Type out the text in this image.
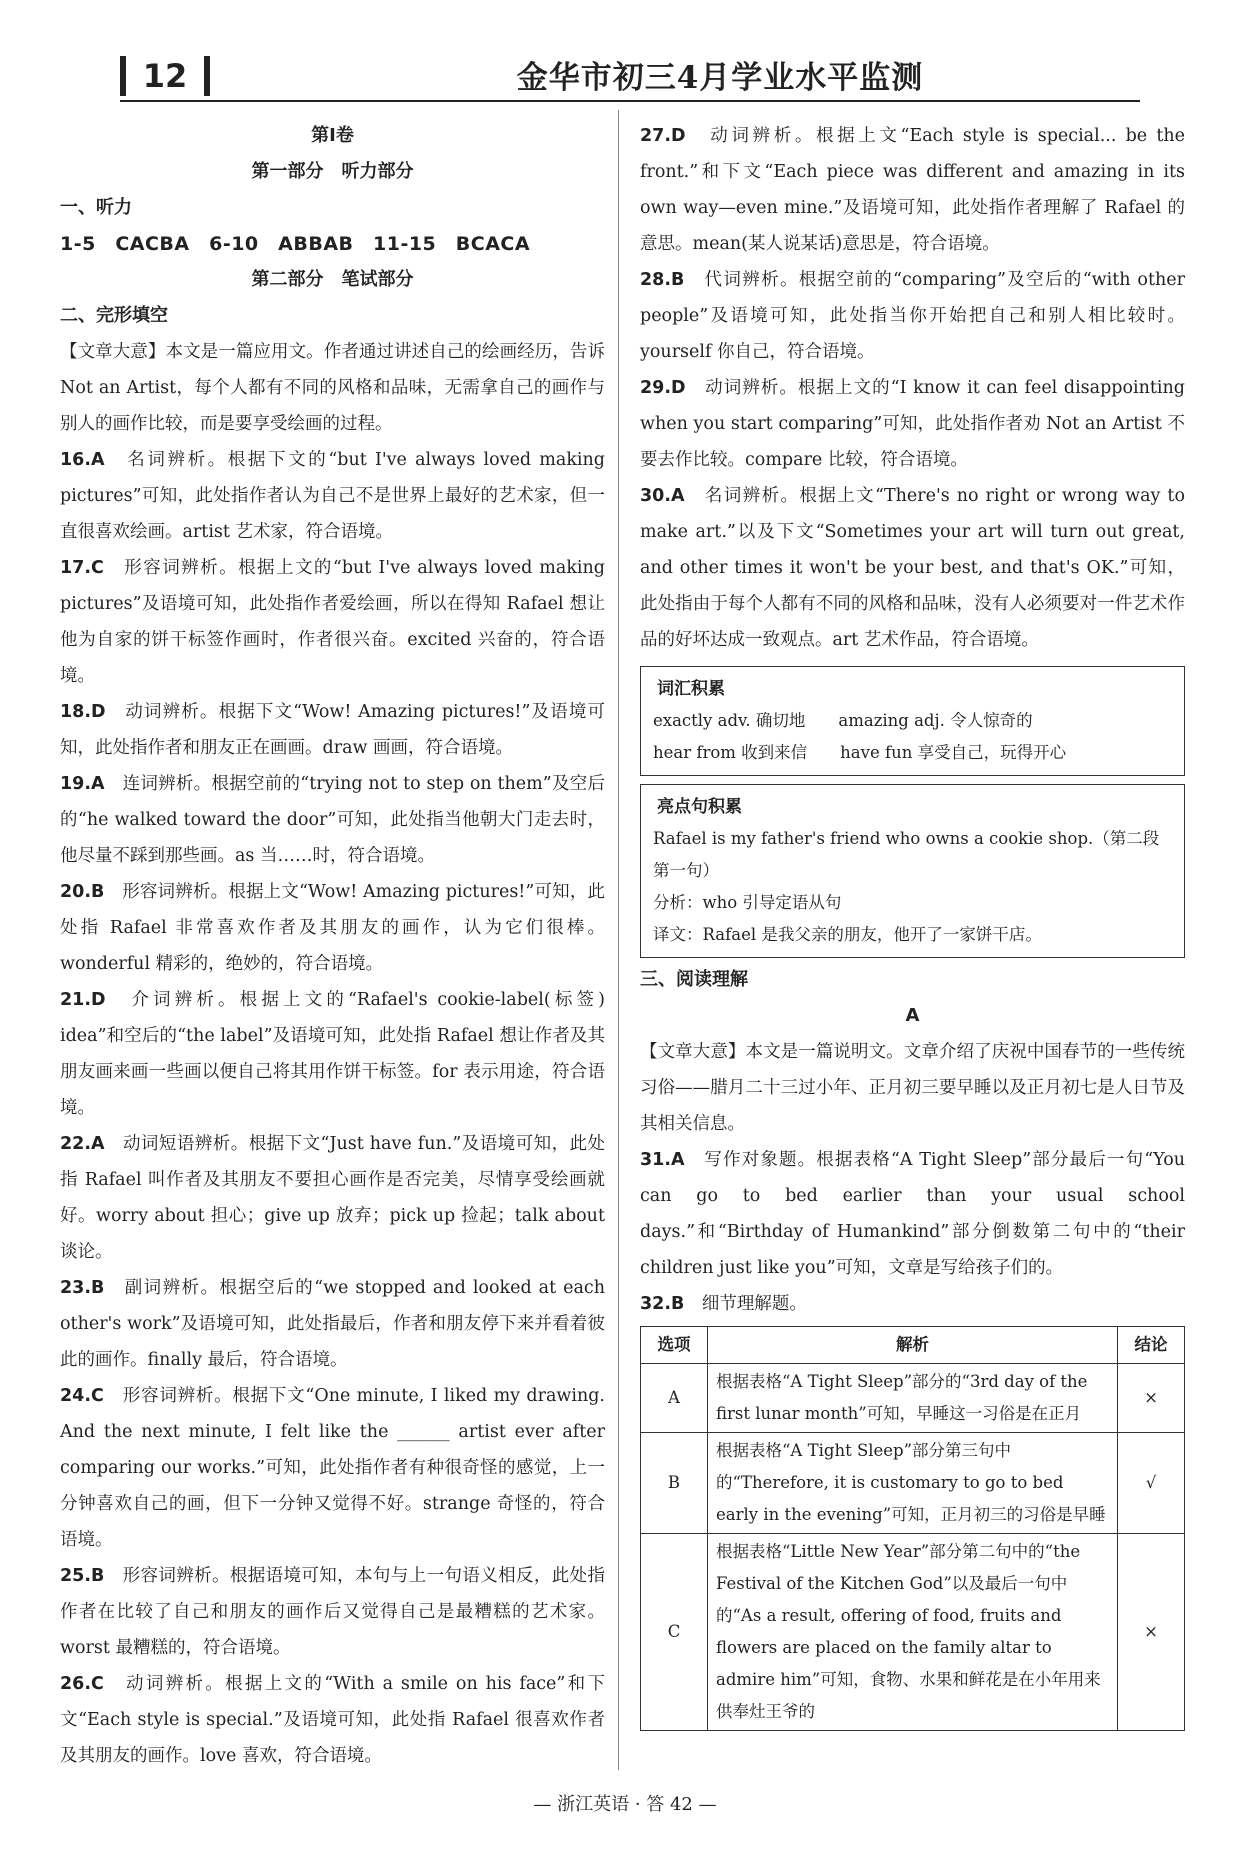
12	金华市初三4月学业水平监测
第Ⅰ卷
第一部分　听力部分
一、听力
1-5　CACBA　6-10　ABBAB　11-15　BCACA
第二部分　笔试部分
二、完形填空
【文章大意】本文是一篇应用文。作者通过讲述自己的绘画经历，告诉 Not an Artist，每个人都有不同的风格和品味，无需拿自己的画作与别人的画作比较，而是要享受绘画的过程。
16.A　 名词辨析。根据下文的“but I've always loved making pictures”可知，此处指作者认为自己不是世界上最好的艺术家，但一直很喜欢绘画。artist 艺术家，符合语境。
17.C　 形容词辨析。根据上文的“but I've always loved making pictures”及语境可知，此处指作者爱绘画，所以在得知 Rafael 想让他为自家的饼干标签作画时，作者很兴奋。excited 兴奋的，符合语境。
18.D　 动词辨析。根据下文“Wow! Amazing pictures!”及语境可知，此处指作者和朋友正在画画。draw 画画，符合语境。
19.A　 连词辨析。根据空前的“trying not to step on them”及空后的“he walked toward the door”可知，此处指当他朝大门走去时，他尽量不踩到那些画。as 当……时，符合语境。
20.B　 形容词辨析。根据上文“Wow! Amazing pictures!”可知，此处指 Rafael 非常喜欢作者及其朋友的画作，认为它们很棒。wonderful 精彩的，绝妙的，符合语境。
21.D　 介词辨析。根据上文的“Rafael's cookie-label(标签) idea”和空后的“the label”及语境可知，此处指 Rafael 想让作者及其朋友画来画一些画以便自己将其用作饼干标签。for 表示用途，符合语境。
22.A　 动词短语辨析。根据下文“Just have fun.”及语境可知，此处指 Rafael 叫作者及其朋友不要担心画作是否完美，尽情享受绘画就好。worry about 担心；give up 放弃；pick up 捡起；talk about 谈论。
23.B　 副词辨析。根据空后的“we stopped and looked at each other's work”及语境可知，此处指最后，作者和朋友停下来并看着彼此的画作。finally 最后，符合语境。
24.C　 形容词辨析。根据下文“One minute, I liked my drawing. And the next minute, I felt like the ______ artist ever after comparing our works.”可知，此处指作者有种很奇怪的感觉，上一分钟喜欢自己的画，但下一分钟又觉得不好。strange 奇怪的，符合语境。
25.B　 形容词辨析。根据语境可知，本句与上一句语义相反，此处指作者在比较了自己和朋友的画作后又觉得自己是最糟糕的艺术家。worst 最糟糕的，符合语境。
26.C　 动词辨析。根据上文的“With a smile on his face”和下文“Each style is special.”及语境可知，此处指 Rafael 很喜欢作者及其朋友的画作。love 喜欢，符合语境。
27.D　 动词辨析。根据上文“Each style is special... be the front.”和下文“Each piece was different and amazing in its own way—even mine.”及语境可知，此处指作者理解了 Rafael 的意思。mean(某人说某话)意思是，符合语境。
28.B　 代词辨析。根据空前的“comparing”及空后的“with other people”及语境可知，此处指当你开始把自己和别人相比较时。yourself 你自己，符合语境。
29.D　 动词辨析。根据上文的“I know it can feel disappointing when you start comparing”可知，此处指作者劝 Not an Artist 不要去作比较。compare 比较，符合语境。
30.A　 名词辨析。根据上文“There's no right or wrong way to make art.”以及下文“Sometimes your art will turn out great, and other times it won't be your best, and that's OK.”可知，此处指由于每个人都有不同的风格和品味，没有人必须要对一件艺术作品的好坏达成一致观点。art 艺术作品，符合语境。
词汇积累
exactly adv. 确切地　　amazing adj. 令人惊奇的
hear from 收到来信　　have fun 享受自己，玩得开心
亮点句积累
Rafael is my father's friend who owns a cookie shop.（第二段第一句）
分析：who 引导定语从句
译文：Rafael 是我父亲的朋友，他开了一家饼干店。
三、阅读理解
A
【文章大意】本文是一篇说明文。文章介绍了庆祝中国春节的一些传统习俗——腊月二十三过小年、正月初三要早睡以及正月初七是人日节及其相关信息。
31.A　 写作对象题。根据表格“A Tight Sleep”部分最后一句“You can go to bed earlier than your usual school days.”和“Birthday of Humankind”部分倒数第二句中的“their children just like you”可知，文章是写给孩子们的。
32.B　 细节理解题。
选项	解析	结论
A	根据表格“A Tight Sleep”部分的“3rd day of the first lunar month”可知，早睡这一习俗是在正月	×
B	根据表格“A Tight Sleep”部分第三句中的“Therefore, it is customary to go to bed early in the evening”可知，正月初三的习俗是早睡	√
C	根据表格“Little New Year”部分第二句中的“the Festival of the Kitchen God”以及最后一句中的“As a result, offering of food, fruits and flowers are placed on the family altar to admire him”可知，食物、水果和鲜花是在小年用来供奉灶王爷的	×
— 浙江英语 · 答 42 —
